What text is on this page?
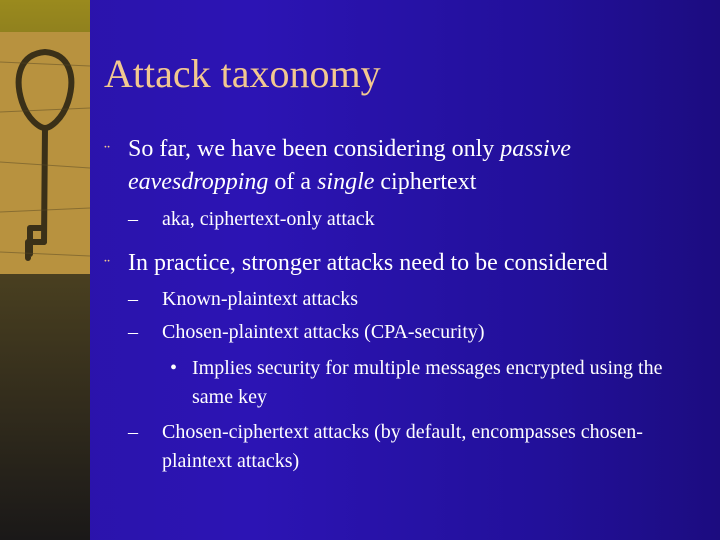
Attack taxonomy
¨ So far, we have been considering only passive eavesdropping of a single ciphertext
–	aka, ciphertext-only attack
¨ In practice, stronger attacks need to be considered
–	Known-plaintext attacks
–	Chosen-plaintext attacks (CPA-security)
• Implies security for multiple messages encrypted using the same key
–	Chosen-ciphertext attacks (by default, encompasses chosen-plaintext attacks)
